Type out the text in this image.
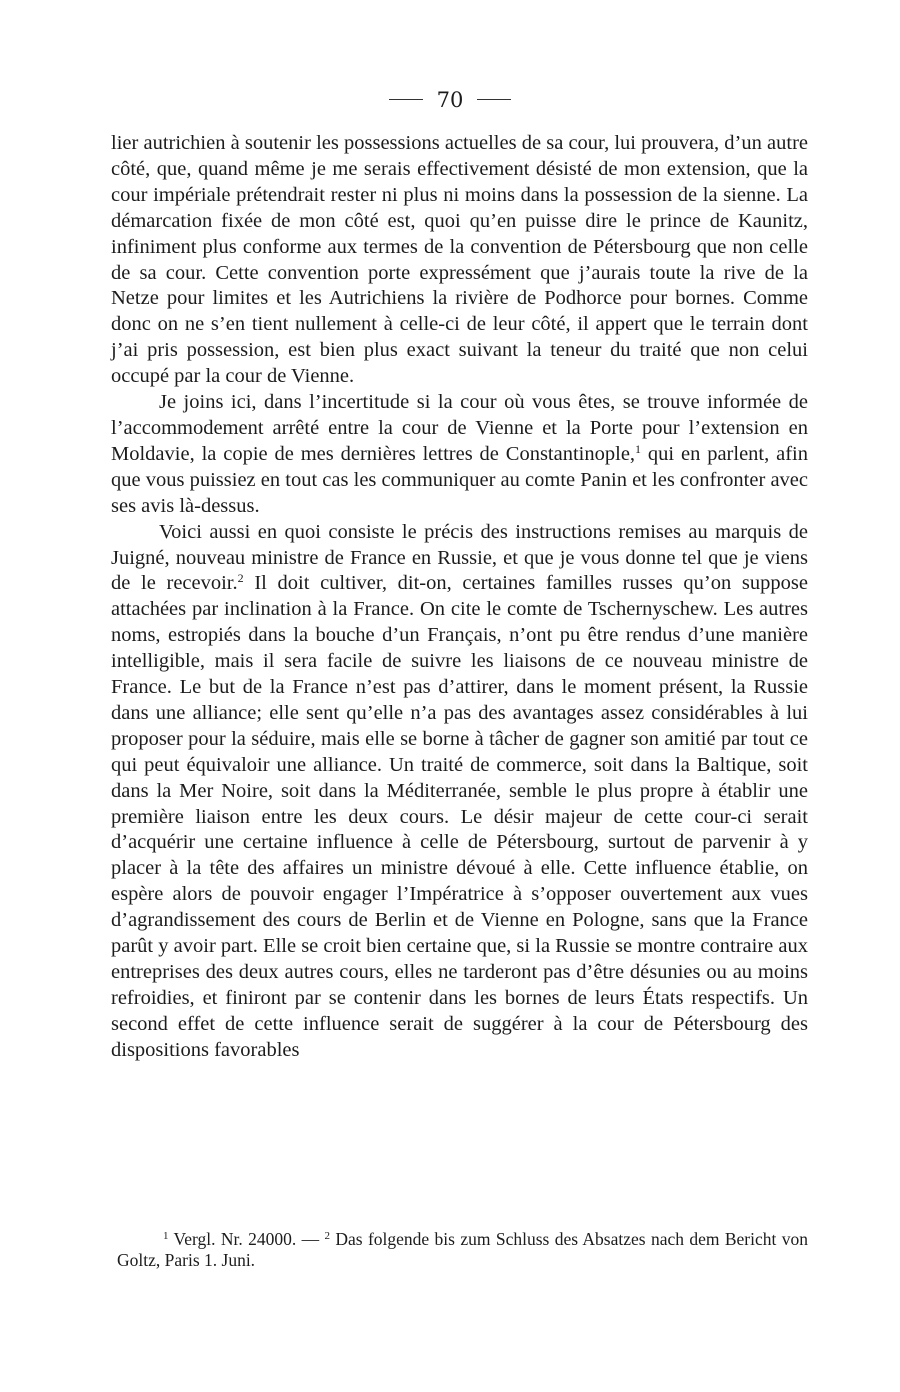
70

lier autrichien à soutenir les possessions actuelles de sa cour, lui prouvera, d’un autre côté, que, quand même je me serais effectivement désisté de mon extension, que la cour impériale prétendrait rester ni plus ni moins dans la possession de la sienne. La démarcation fixée de mon côté est, quoi qu’en puisse dire le prince de Kaunitz, infiniment plus conforme aux termes de la convention de Pétersbourg que non celle de sa cour. Cette convention porte expressément que j’aurais toute la rive de la Netze pour limites et les Autrichiens la rivière de Podhorce pour bornes. Comme donc on ne s’en tient nullement à celle-ci de leur côté, il appert que le terrain dont j’ai pris possession, est bien plus exact suivant la teneur du traité que non celui occupé par la cour de Vienne.

Je joins ici, dans l’incertitude si la cour où vous êtes, se trouve informée de l’accommodement arrêté entre la cour de Vienne et la Porte pour l’extension en Moldavie, la copie de mes dernières lettres de Constantinople,$^1$ qui en parlent, afin que vous puissiez en tout cas les communiquer au comte Panin et les confronter avec ses avis là-dessus.

Voici aussi en quoi consiste le précis des instructions remises au marquis de Juigné, nouveau ministre de France en Russie, et que je vous donne tel que je viens de le recevoir.$^2$ Il doit cultiver, dit-on, certaines familles russes qu’on suppose attachées par inclination à la France. On cite le comte de Tschernyschew. Les autres noms, estropiés dans la bouche d’un Français, n’ont pu être rendus d’une manière intelligible, mais il sera facile de suivre les liaisons de ce nouveau ministre de France. Le but de la France n’est pas d’attirer, dans le moment présent, la Russie dans une alliance; elle sent qu’elle n’a pas des avantages assez considérables à lui proposer pour la séduire, mais elle se borne à tâcher de gagner son amitié par tout ce qui peut équivaloir une alliance. Un traité de commerce, soit dans la Baltique, soit dans la Mer Noire, soit dans la Méditerranée, semble le plus propre à établir une première liaison entre les deux cours. Le désir majeur de cette cour-ci serait d’acquérir une certaine influence à celle de Pétersbourg, surtout de parvenir à y placer à la tête des affaires un ministre dévoué à elle. Cette influence établie, on espère alors de pouvoir engager l’Impératrice à s’opposer ouvertement aux vues d’agrandissement des cours de Berlin et de Vienne en Pologne, sans que la France parût y avoir part. Elle se croit bien certaine que, si la Russie se montre contraire aux entreprises des deux autres cours, elles ne tarderont pas d’être désunies ou au moins refroidies, et finiront par se contenir dans les bornes de leurs États respectifs. Un second effet de cette influence serait de suggérer à la cour de Pétersbourg des dispositions favorables

$^1$ Vergl. Nr. 24000. — $^2$ Das folgende bis zum Schluss des Absatzes nach dem Bericht von Goltz, Paris 1. Juni.
